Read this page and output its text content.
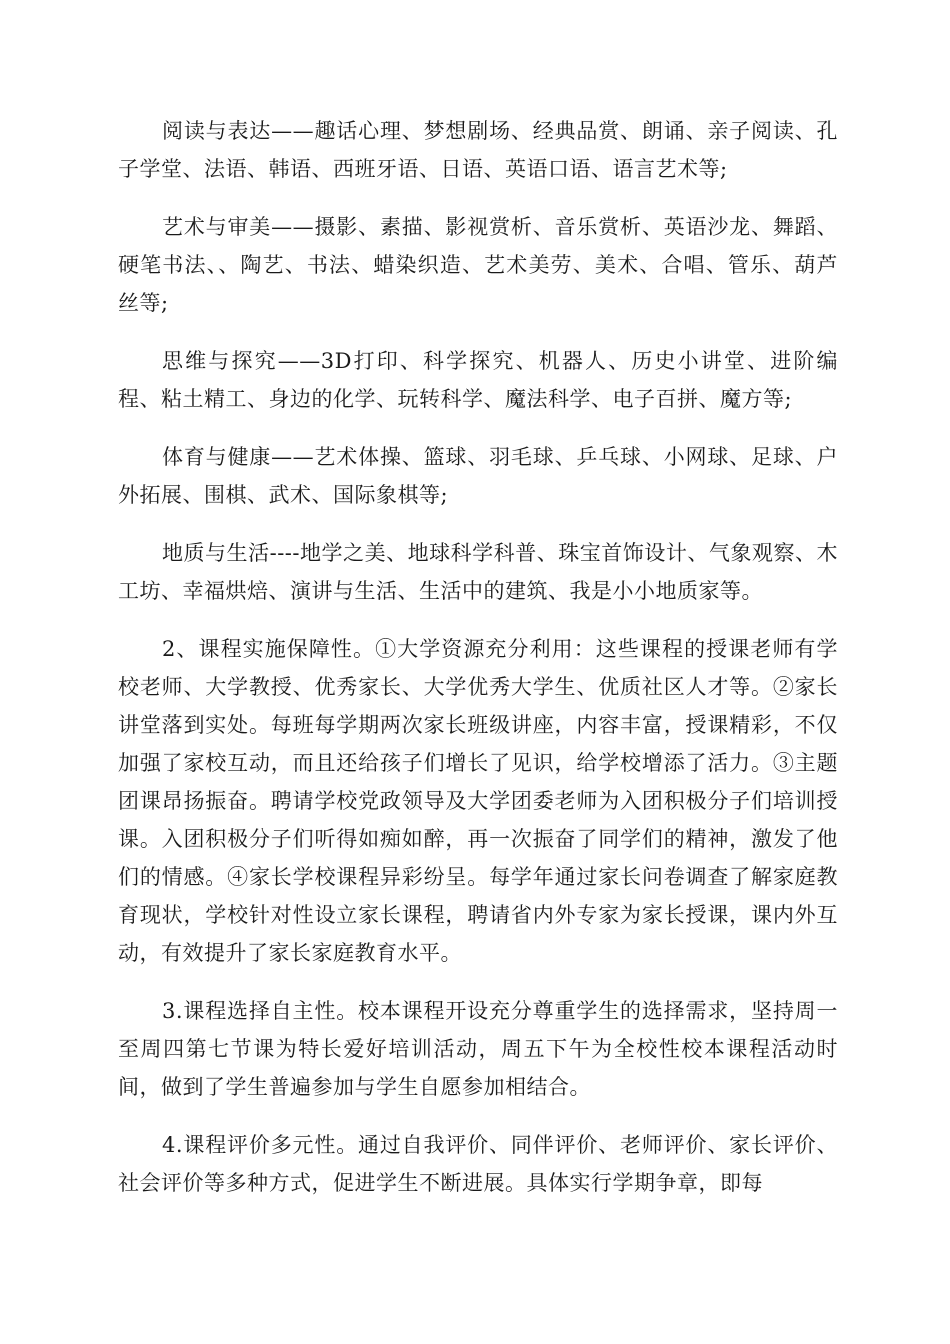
阅读与表达——趣话心理、梦想剧场、经典品赏、朗诵、亲子阅读、孔子学堂、法语、韩语、西班牙语、日语、英语口语、语言艺术等;

艺术与审美——摄影、素描、影视赏析、音乐赏析、英语沙龙、舞蹈、硬笔书法、、陶艺、书法、蜡染织造、艺术美劳、美术、合唱、管乐、葫芦丝等;

思维与探究——3D打印、科学探究、机器人、历史小讲堂、进阶编程、粘土精工、身边的化学、玩转科学、魔法科学、电子百拼、魔方等;

体育与健康——艺术体操、篮球、羽毛球、乒乓球、小网球、足球、户外拓展、围棋、武术、国际象棋等;

地质与生活----地学之美、地球科学科普、珠宝首饰设计、气象观察、木工坊、幸福烘焙、演讲与生活、生活中的建筑、我是小小地质家等。

2、课程实施保障性。①大学资源充分利用：这些课程的授课老师有学校老师、大学教授、优秀家长、大学优秀大学生、优质社区人才等。②家长讲堂落到实处。每班每学期两次家长班级讲座，内容丰富，授课精彩，不仅加强了家校互动，而且还给孩子们增长了见识，给学校增添了活力。③主题团课昂扬振奋。聘请学校党政领导及大学团委老师为入团积极分子们培训授课。入团积极分子们听得如痴如醉，再一次振奋了同学们的精神，激发了他们的情感。④家长学校课程异彩纷呈。每学年通过家长问卷调查了解家庭教育现状，学校针对性设立家长课程，聘请省内外专家为家长授课，课内外互动，有效提升了家长家庭教育水平。

3.课程选择自主性。校本课程开设充分尊重学生的选择需求，坚持周一至周四第七节课为特长爱好培训活动，周五下午为全校性校本课程活动时间，做到了学生普遍参加与学生自愿参加相结合。

4.课程评价多元性。通过自我评价、同伴评价、老师评价、家长评价、社会评价等多种方式，促进学生不断进展。具体实行学期争章，即每
